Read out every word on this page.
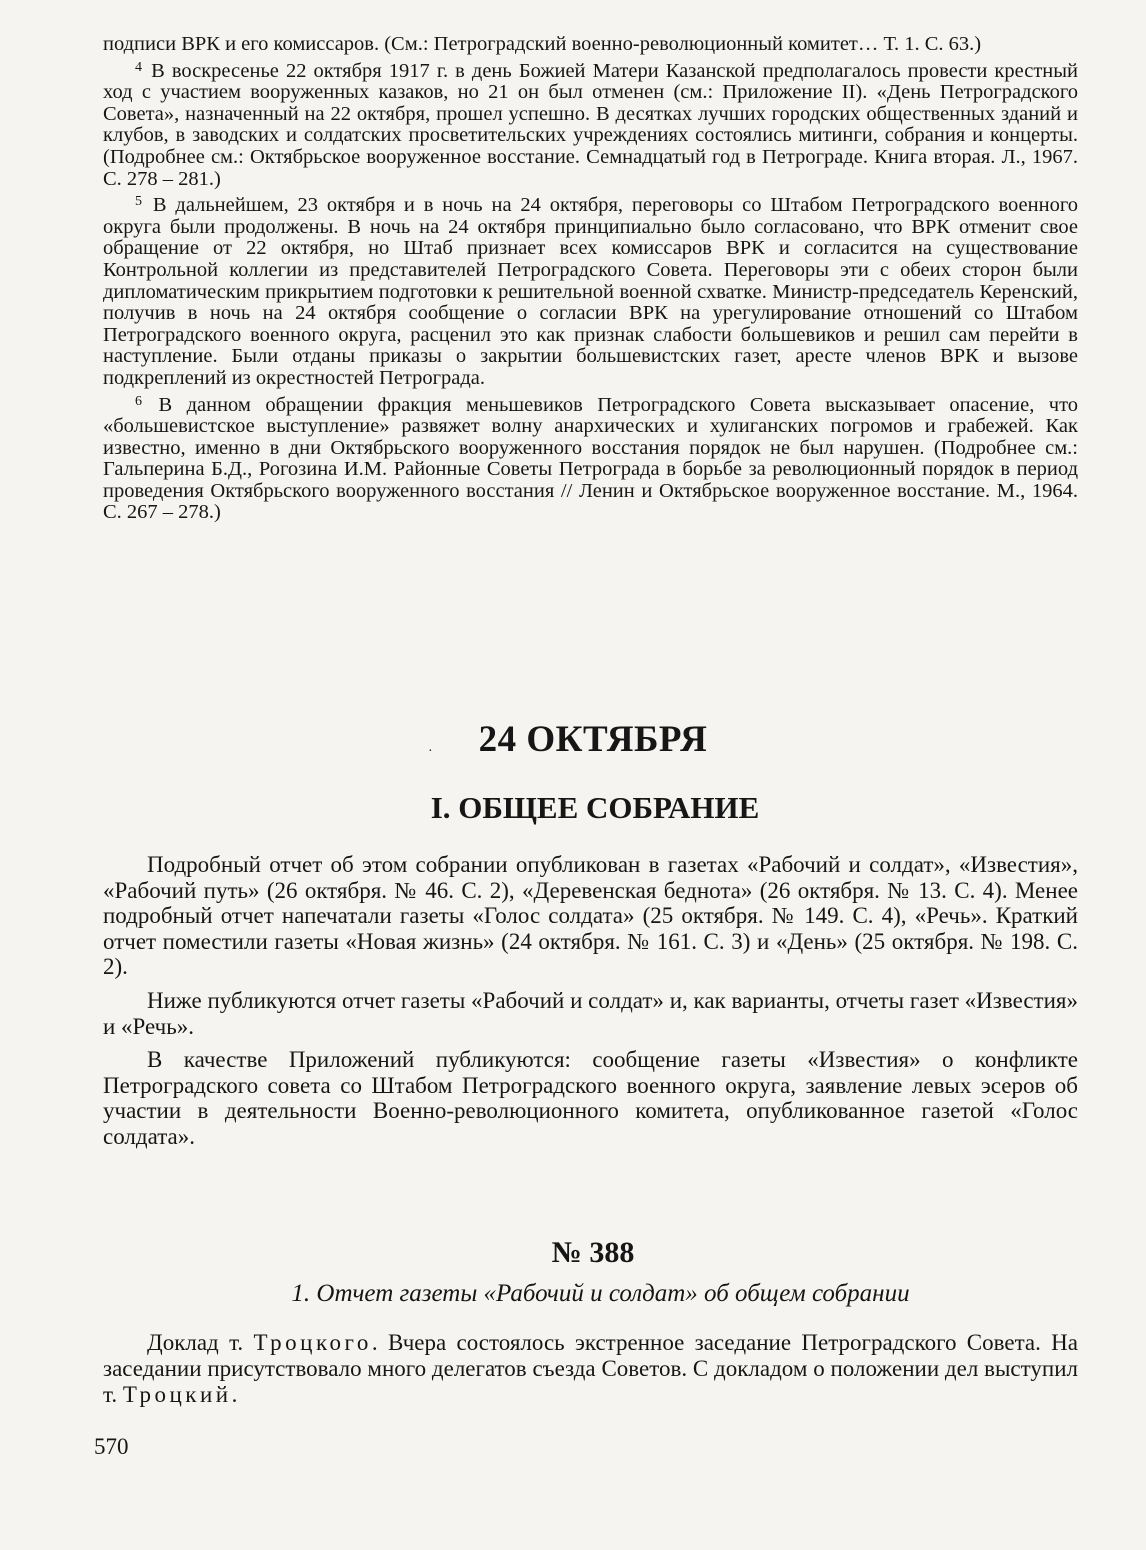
подписи ВРК и его комиссаров. (См.: Петроградский военно-революционный комитет… Т. 1. С. 63.)

$^4$ В воскресенье 22 октября 1917 г. в день Божией Матери Казанской предполагалось провести крестный ход с участием вооруженных казаков, но 21 он был отменен (см.: Приложение II). «День Петроградского Совета», назначенный на 22 октября, прошел успешно. В десятках лучших городских общественных зданий и клубов, в заводских и солдатских просветительских учреждениях состоялись митинги, собрания и концерты. (Подробнее см.: Октябрьское вооруженное восстание. Семнадцатый год в Петрограде. Книга вторая. Л., 1967. С. 278 – 281.)

$^5$ В дальнейшем, 23 октября и в ночь на 24 октября, переговоры со Штабом Петроградского военного округа были продолжены. В ночь на 24 октября принципиально было согласовано, что ВРК отменит свое обращение от 22 октября, но Штаб признает всех комиссаров ВРК и согласится на существование Контрольной коллегии из представителей Петроградского Совета. Переговоры эти с обеих сторон были дипломатическим прикрытием подготовки к решительной военной схватке. Министр-председатель Керенский, получив в ночь на 24 октября сообщение о согласии ВРК на урегулирование отношений со Штабом Петроградского военного округа, расценил это как признак слабости большевиков и решил сам перейти в наступление. Были отданы приказы о закрытии большевистских газет, аресте членов ВРК и вызове подкреплений из окрестностей Петрограда.

$^6$ В данном обращении фракция меньшевиков Петроградского Совета высказывает опасение, что «большевистское выступление» развяжет волну анархических и хулиганских погромов и грабежей. Как известно, именно в дни Октябрьского вооруженного восстания порядок не был нарушен. (Подробнее см.: Гальперина Б.Д., Рогозина И.М. Районные Советы Петрограда в борьбе за революционный порядок в период проведения Октябрьского вооруженного восстания // Ленин и Октябрьское вооруженное восстание. М., 1964. С. 267 – 278.)

·	24 ОКТЯБРЯ
I. ОБЩЕЕ СОБРАНИЕ

Подробный отчет об этом собрании опубликован в газетах «Рабочий и солдат», «Известия», «Рабочий путь» (26 октября. № 46. С. 2), «Деревенская беднота» (26 октября. № 13. С. 4). Менее подробный отчет напечатали газеты «Голос солдата» (25 октября. № 149. С. 4), «Речь». Краткий отчет поместили газеты «Новая жизнь» (24 октября. № 161. С. 3) и «День» (25 октября. № 198. С. 2).

Ниже публикуются отчет газеты «Рабочий и солдат» и, как варианты, отчеты газет «Известия» и «Речь».

В качестве Приложений публикуются: сообщение газеты «Известия» о конфликте Петроградского совета со Штабом Петроградского военного округа, заявление левых эсеров об участии в деятельности Военно-революционного комитета, опубликованное газетой «Голос солдата».

№ 388

1. Отчет газеты «Рабочий и солдат» об общем собрании

Доклад т. Троцкого. Вчера состоялось экстренное заседание Петроградского Совета. На заседании присутствовало много делегатов съезда Советов. С докладом о положении дел выступил т. Троцкий.

570
